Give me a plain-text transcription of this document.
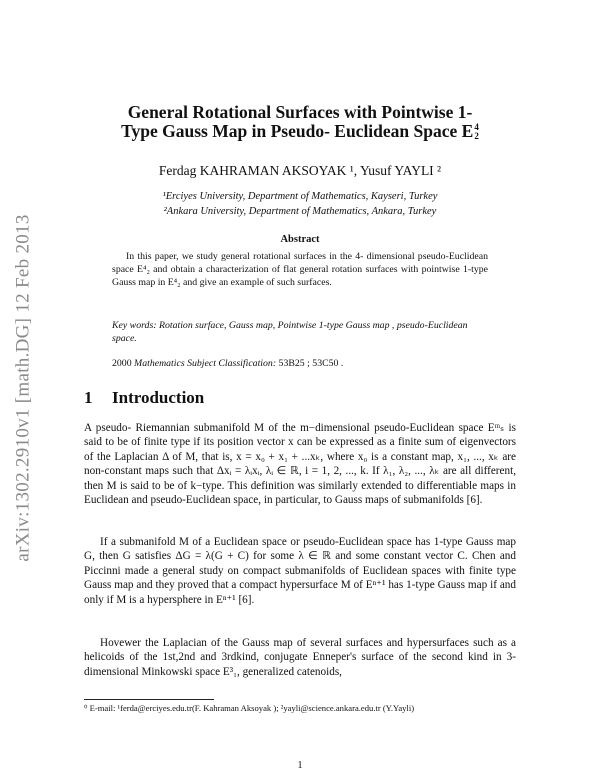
arXiv:1302.2910v1 [math.DG] 12 Feb 2013
General Rotational Surfaces with Pointwise 1-
Type Gauss Map in Pseudo- Euclidean Space E 4
2
Ferdag KAHRAMAN AKSOYAK ¹, Yusuf YAYLI ²
¹Erciyes University, Department of Mathematics, Kayseri, Turkey
²Ankara University, Department of Mathematics, Ankara, Turkey
Abstract
In this paper, we study general rotational surfaces in the 4- dimensional pseudo-Euclidean space E⁴₂ and obtain a characterization of flat general rotation surfaces with pointwise 1-type Gauss map in E⁴₂ and give an example of such surfaces.
Key words: Rotation surface, Gauss map, Pointwise 1-type Gauss map , pseudo-Euclidean space.
2000 Mathematics Subject Classification: 53B25 ; 53C50 .
1 Introduction
A pseudo- Riemannian submanifold M of the m−dimensional pseudo-Euclidean space Eᵐₛ is said to be of finite type if its position vector x can be expressed as a finite sum of eigenvectors of the Laplacian Δ of M, that is, x = x₀ + x₁ + ...xₖ, where x₀ is a constant map, x₁, ..., xₖ are non-constant maps such that Δxᵢ = λᵢxᵢ, λᵢ ∈ ℝ, i = 1, 2, ..., k. If λ₁, λ₂, ..., λₖ are all different, then M is said to be of k−type. This definition was similarly extended to differentiable maps in Euclidean and pseudo-Euclidean space, in particular, to Gauss maps of submanifolds [6].
If a submanifold M of a Euclidean space or pseudo-Euclidean space has 1-type Gauss map G, then G satisfies ΔG = λ(G + C) for some λ ∈ ℝ and some constant vector C. Chen and Piccinni made a general study on compact submanifolds of Euclidean spaces with finite type Gauss map and they proved that a compact hypersurface M of Eⁿ⁺¹ has 1-type Gauss map if and only if M is a hypersphere in Eⁿ⁺¹ [6].
Hovewer the Laplacian of the Gauss map of several surfaces and hypersurfaces such as a helicoids of the 1st,2nd and 3rdkind, conjugate Enneper's surface of the second kind in 3- dimensional Minkowski space E³₁, generalized catenoids,
⁰ E-mail: ¹ferda@erciyes.edu.tr(F. Kahraman Aksoyak ); ²yayli@science.ankara.edu.tr (Y.Yayli)
1
